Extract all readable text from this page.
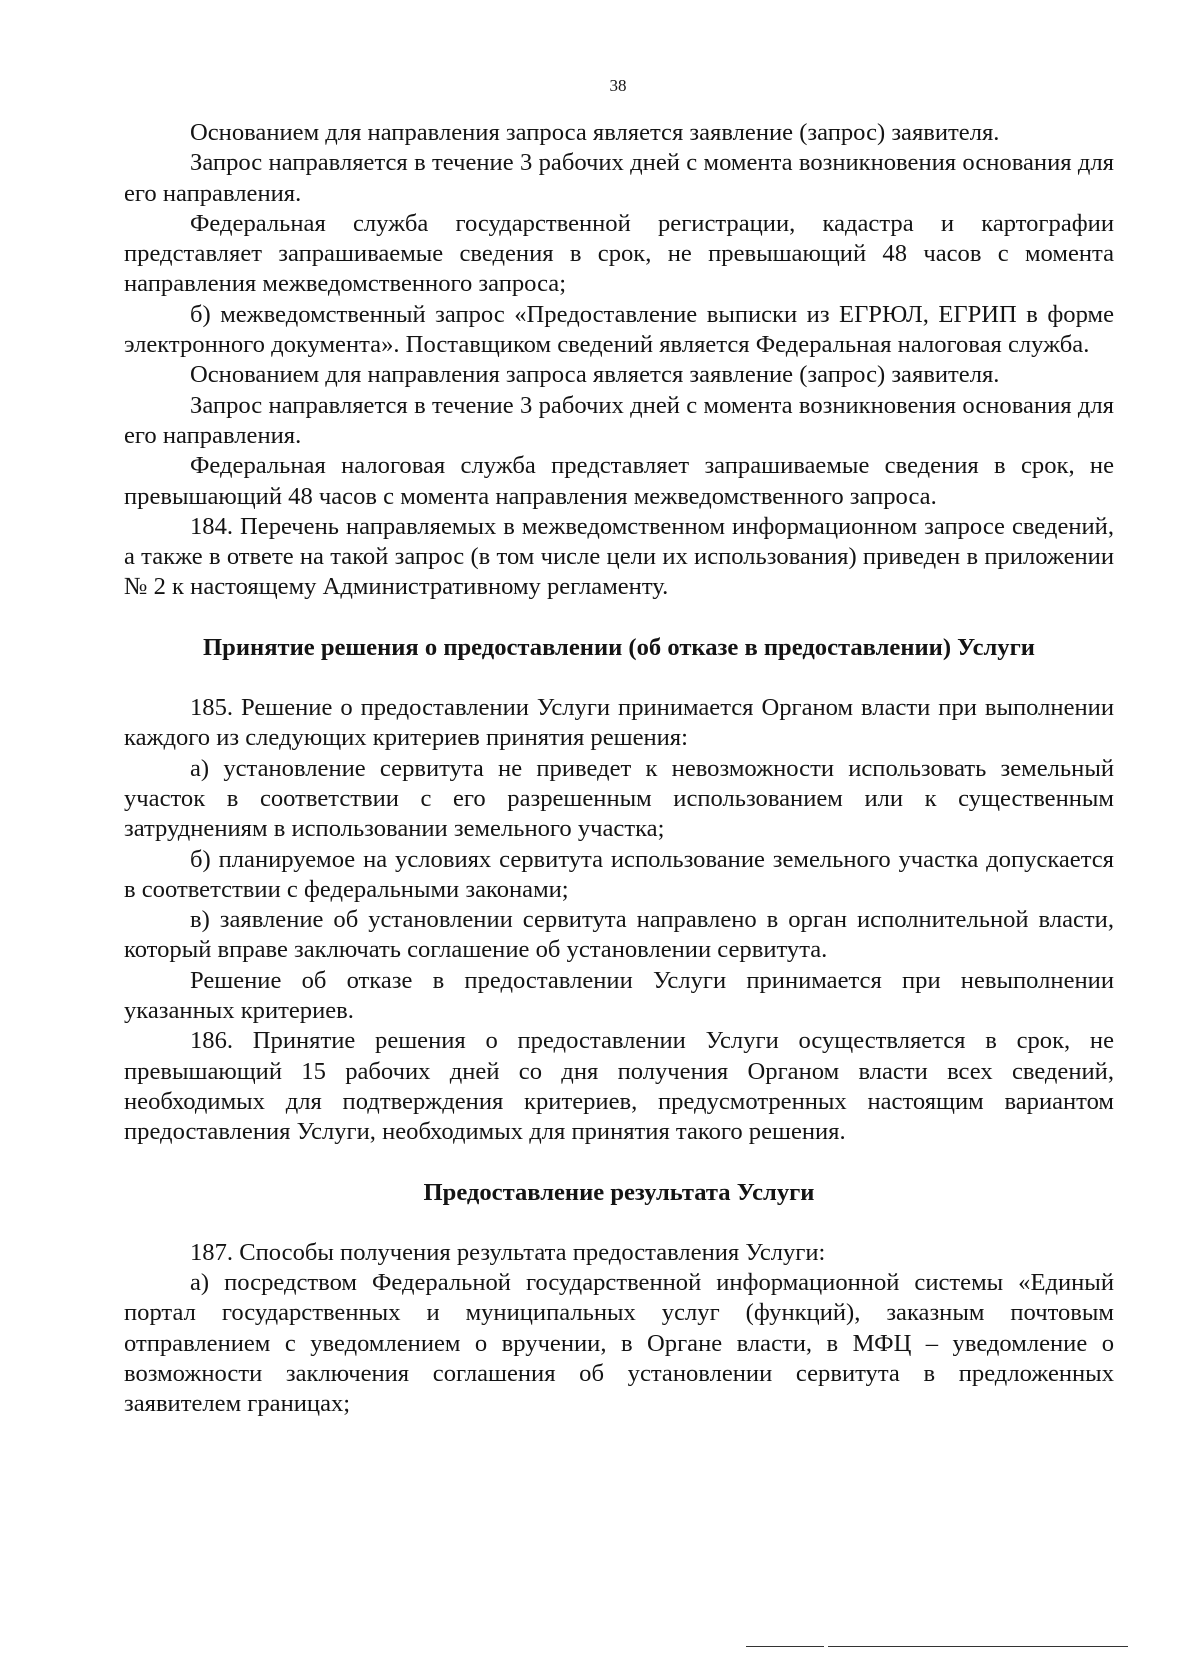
38

Основанием для направления запроса является заявление (запрос) заявителя.

Запрос направляется в течение 3 рабочих дней с момента возникновения основания для его направления.

Федеральная служба государственной регистрации, кадастра и картографии представляет запрашиваемые сведения в срок, не превышающий 48 часов с момента направления межведомственного запроса;

б) межведомственный запрос «Предоставление выписки из ЕГРЮЛ, ЕГРИП в форме электронного документа». Поставщиком сведений является Федеральная налоговая служба.

Основанием для направления запроса является заявление (запрос) заявителя.

Запрос направляется в течение 3 рабочих дней с момента возникновения основания для его направления.

Федеральная налоговая служба представляет запрашиваемые сведения в срок, не превышающий 48 часов с момента направления межведомственного запроса.

184. Перечень направляемых в межведомственном информационном запросе сведений, а также в ответе на такой запрос (в том числе цели их использования) приведен в приложении № 2 к настоящему Административному регламенту.

Принятие решения о предоставлении (об отказе в предоставлении) Услуги

185. Решение о предоставлении Услуги принимается Органом власти при выполнении каждого из следующих критериев принятия решения:

а) установление сервитута не приведет к невозможности использовать земельный участок в соответствии с его разрешенным использованием или к существенным затруднениям в использовании земельного участка;

б) планируемое на условиях сервитута использование земельного участка допускается в соответствии с федеральными законами;

в) заявление об установлении сервитута направлено в орган исполнительной власти, который вправе заключать соглашение об установлении сервитута.

Решение об отказе в предоставлении Услуги принимается при невыполнении указанных критериев.

186. Принятие решения о предоставлении Услуги осуществляется в срок, не превышающий 15 рабочих дней со дня получения Органом власти всех сведений, необходимых для подтверждения критериев, предусмотренных настоящим вариантом предоставления Услуги, необходимых для принятия такого решения.

Предоставление результата Услуги

187. Способы получения результата предоставления Услуги:

а) посредством Федеральной государственной информационной системы «Единый портал государственных и муниципальных услуг (функций), заказным почтовым отправлением с уведомлением о вручении, в Органе власти, в МФЦ – уведомление о возможности заключения соглашения об установлении сервитута в предложенных заявителем границах;
